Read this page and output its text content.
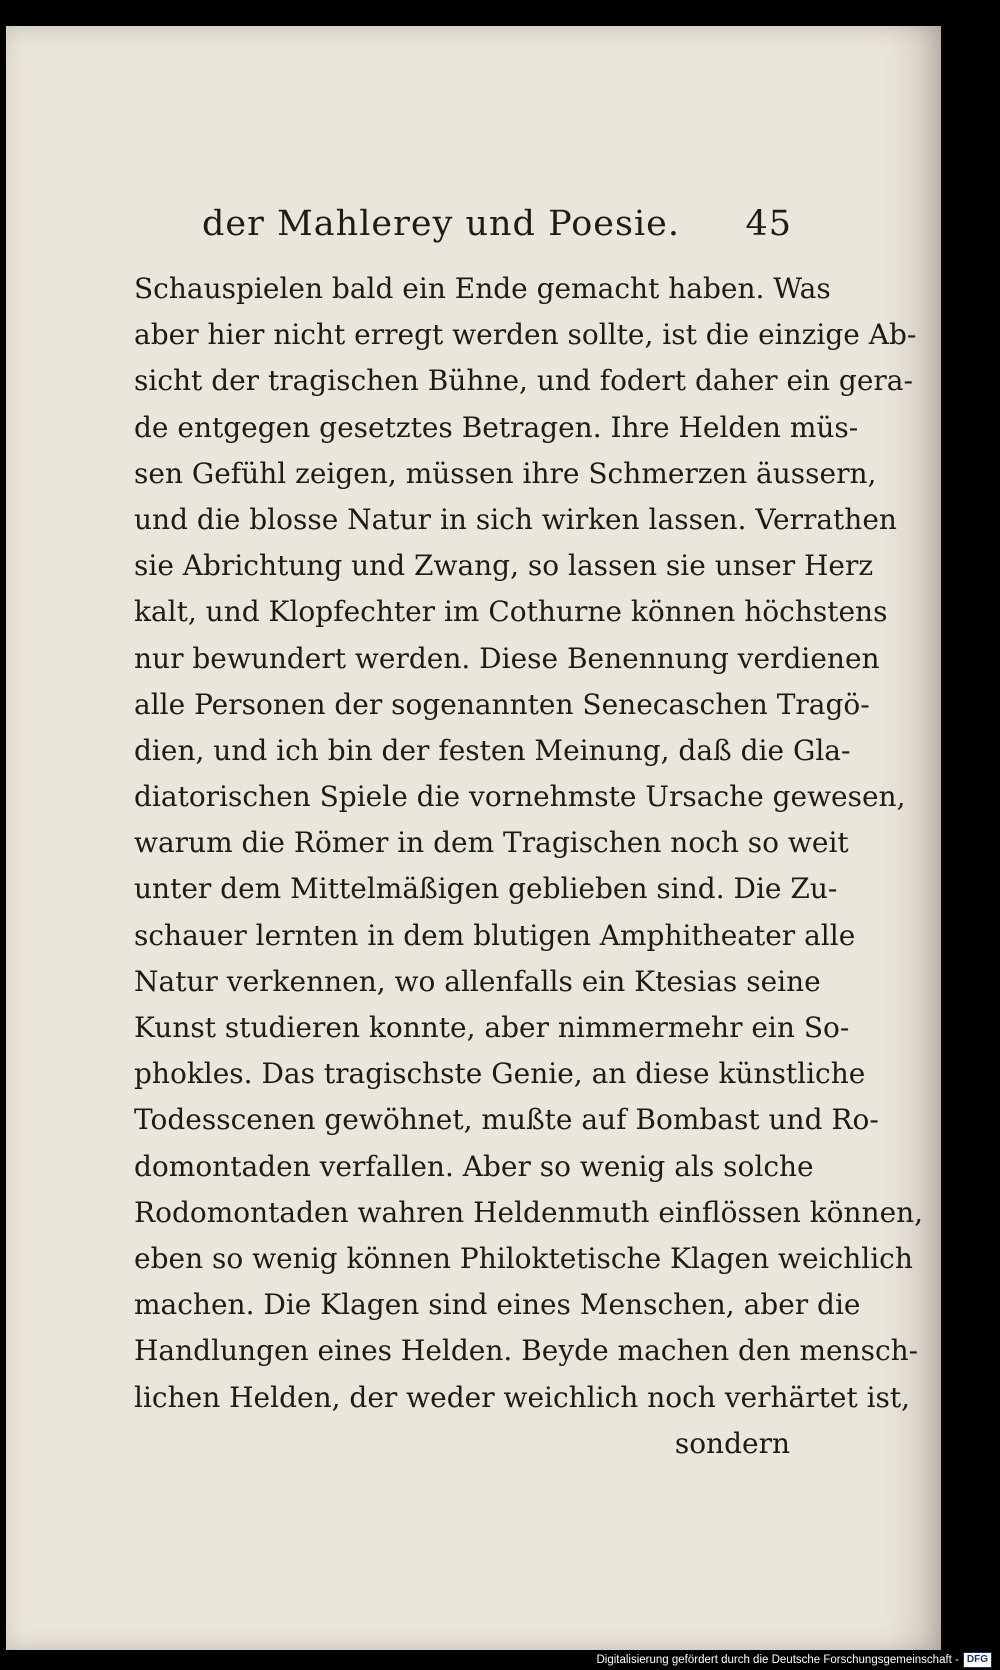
der Mahlerey und Poesie. 45
Schauspielen bald ein Ende gemacht haben. Was
aber hier nicht erregt werden sollte, ist die einzige Ab-
sicht der tragischen Bühne, und fodert daher ein gera-
de entgegen gesetztes Betragen. Ihre Helden müs-
sen Gefühl zeigen, müssen ihre Schmerzen äussern,
und die blosse Natur in sich wirken lassen. Verrathen
sie Abrichtung und Zwang, so lassen sie unser Herz
kalt, und Klopfechter im Cothurne können höchstens
nur bewundert werden. Diese Benennung verdienen
alle Personen der sogenannten Senecaschen Tragö-
dien, und ich bin der festen Meinung, daß die Gla-
diatorischen Spiele die vornehmste Ursache gewesen,
warum die Römer in dem Tragischen noch so weit
unter dem Mittelmäßigen geblieben sind. Die Zu-
schauer lernten in dem blutigen Amphitheater alle
Natur verkennen, wo allenfalls ein Ktesias seine
Kunst studieren konnte, aber nimmermehr ein So-
phokles. Das tragischste Genie, an diese künstliche
Todesscenen gewöhnet, mußte auf Bombast und Ro-
domontaden verfallen. Aber so wenig als solche
Rodomontaden wahren Heldenmuth einflössen können,
eben so wenig können Philoktetische Klagen weichlich
machen. Die Klagen sind eines Menschen, aber die
Handlungen eines Helden. Beyde machen den mensch-
lichen Helden, der weder weichlich noch verhärtet ist,
sondern
Digitalisierung gefördert durch die Deutsche Forschungsgemeinschaft - DFG
